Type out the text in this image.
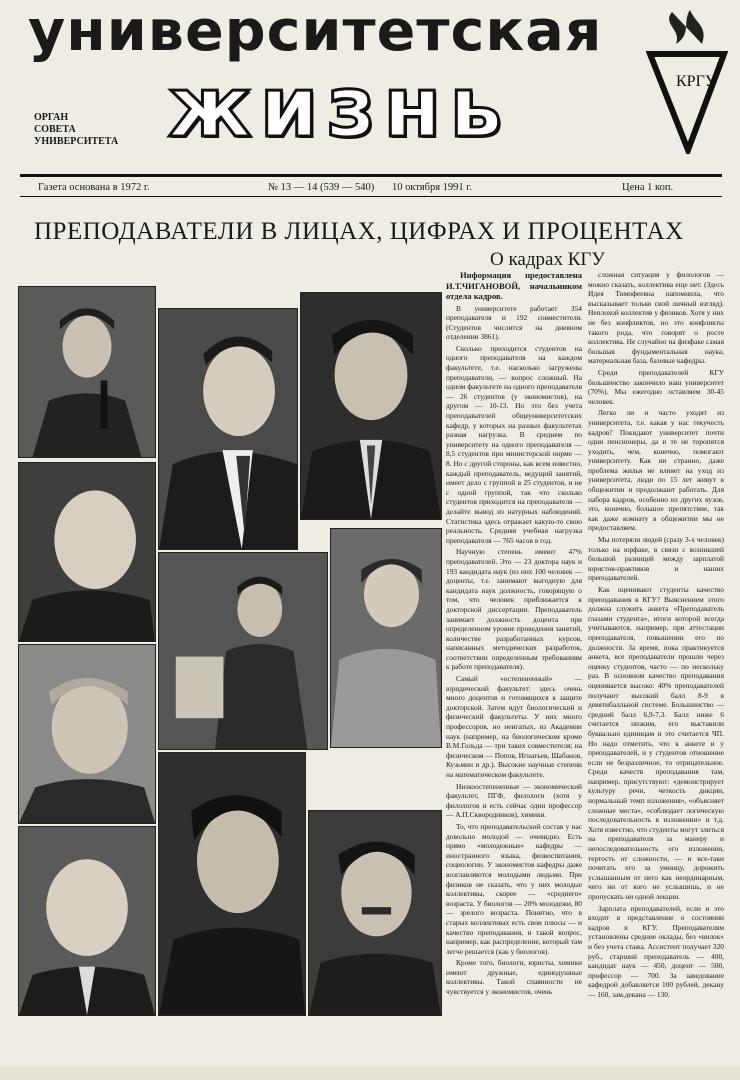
университетская
жизнь
ОРГАН
СОВЕТА
УНИВЕРСИТЕТА
КРГУ
Газета основана в 1972 г.	№ 13 — 14 (539 — 540) 10 октября 1991 г.	Цена 1 коп.
ПРЕПОДАВАТЕЛИ В ЛИЦАХ, ЦИФРАХ И ПРОЦЕНТАХ
О кадрах КГУ

Информация предоставлена И.Т.ЧИГАНОВОЙ, начальником отдела кадров.

В университете работает 354 преподавателя и 192 совместителя. (Студентов числится на дневном отделении 3861).

Сколько приходится студентов на одного преподавателя на каждом факультете, т.е. насколько загружены преподаватели, — вопрос сложный. На одном факультете на одного преподавателя — 26 студентов (у экономистов), на другом — 10-13. Но это без учета преподавателей общеуниверситетских кафедр, у которых на разных факультетах разная нагрузка. В среднем по университету на одного преподавателя — 8,5 студентов при министерской норме — 8. Но с другой стороны, как всем известно, каждый преподаватель, ведущий занятий, имеет дело с группой в 25 студентов, и не с одной группой, так что сколько студентов приходится на преподавателя — делайте вывод из натурных наблюдений. Статистика здесь отражает какую-то свою реальность. Средняя учебная нагрузка преподавателя — 765 часов в год.

Научную степень имеют 47% преподавателей. Это — 23 доктора наук и 193 кандидата наук (из них 100 человек — доценты, т.е. занимают выгодную для кандидата наук должность, говорящую о том, что человек приближается к докторской диссертации. Преподаватель занимает должность доцента при определенном уровне проведения занятий, количестве разработанных курсов, написанных методических разработок, соответствии определенным требованиям к работе преподавателя).

Самый «остепененный» — юридический факультет: здесь очень много доцентов и готовящихся к защите докторской. Затем идут биологический и физический факультеты. У них много профессоров, но неигатых, из Академии наук (например, на биологическом кроме В.М.Гольда — три таких совместителя; на физическом — Попов, Игнатьев, Шабанов, Кузьмин и др.). Высокие научные степени на математическом факультете.

Низкоостепененные — экономический факультет, ПГФ, филологи (хотя у филологов и есть сейчас один профессор — А.П.Сквородников), химики.

То, что преподавательский состав у нас довольно молодой — очевидно. Есть прямо «молодежные» кафедры — иностранного языка, физвоспитания, социологии. У экономистов кафедры даже возглавляются молодыми людьми. При физиков не сказать, что у них молодые коллективы, скорее — «среднего» возраста. У биологов — 20% молодежи, 80 — зрелого возраста. Понятно, что в старых коллективах есть свои плюсы — и качество преподавания, и такой вопрос, например, как распределение, который там легче решается (как у биологов).

Кроме того, биологи, юристы, химики имеют дружные, единодушные коллективы. Такой спаянности не чувствуется у экономистов, очень

сложная ситуация у филологов — можно сказать, коллектива еще нет. (Здесь Идея Тимофеевна напомнила, что высказывает только свой личный взгляд). Неплохой коллектив у физиков. Хотя у них не без конфликтов, но это конфликты такого рода, что говорят о росте коллектива. Не случайно на физфаке самая большая фундаментальная наука, материальная база, базовые кафедры.

Среди преподавателей КГУ большинство закончило наш университет (70%). Мы ежегодно оставляем 30-45 человек.

Легко ли и часто уходят из университета, т.е. какая у нас текучесть кадров? Покидают университет почти одни пенсионеры, да и те не торопятся уходить, чем, конечно, помогают университету. Как ни странно, даже проблема жилья не влияет на уход из университета, люди по 15 лет живут в общежитии и продолжают работать. Для набора кадров, особенно из других вузов, это, конечно, большое препятствие, так как даже комнату в общежитии мы не предоставляем.

Мы потеряли людей (сразу 3-х человек) только на юрфаке, в связи с возникшей большой разницей между зарплатой юристов-практиков и наших преподавателей.

Как оценивают студенты качество преподавания в КГУ? Выяснением этого должна служить анкета «Преподаватель глазами студента», итоги которой всегда учитываются, например, при аттестации преподавателя, повышении его по должности. За время, пока практикуется анкета, все преподаватели прошли через оценку студентов, часто — по нескольку раз. В основном качество преподавания оценивается высоко: 40% преподавателей получают высокий балл 8-9 в девятибалльной системе. Большинство — средний балл 6,9-7,3. Балл ниже 6 считается низким, его выставили буквально единицам и это считается ЧП. Но надо отметить, что к анкете и у преподавателей, и у студентов отношение если не безразличное, то отрицательное. Среди качеств преподавания там, например, присутствуют: «демонстрирует культуру речи, четкость дикции, нормальный темп изложения», «объясняет сложные места», «соблюдает логическую последовательность в изложении» и т.д. Хотя известно, что студенты могут злиться на преподавателя за манеру и непоследовательность его изложения, тертость от сложности, — и все-таки почитать его за умницу, дорожить услышанным от него как неординарным, чего ни от кого не услышишь, и не пропускать ни одной лекции.

Зарплата преподавателей, если и это входит в представление о состоянии кадров в КГУ. Преподавателям установлены средние оклады, без «вилок» и без учета стажа. Ассистент получает 320 руб., старший преподаватель — 400, кандидат наук — 450, доцент — 500, профессор — 700. За заведование кафедрой добавляется 100 рублей, декану — 160, зам.декана — 130.
